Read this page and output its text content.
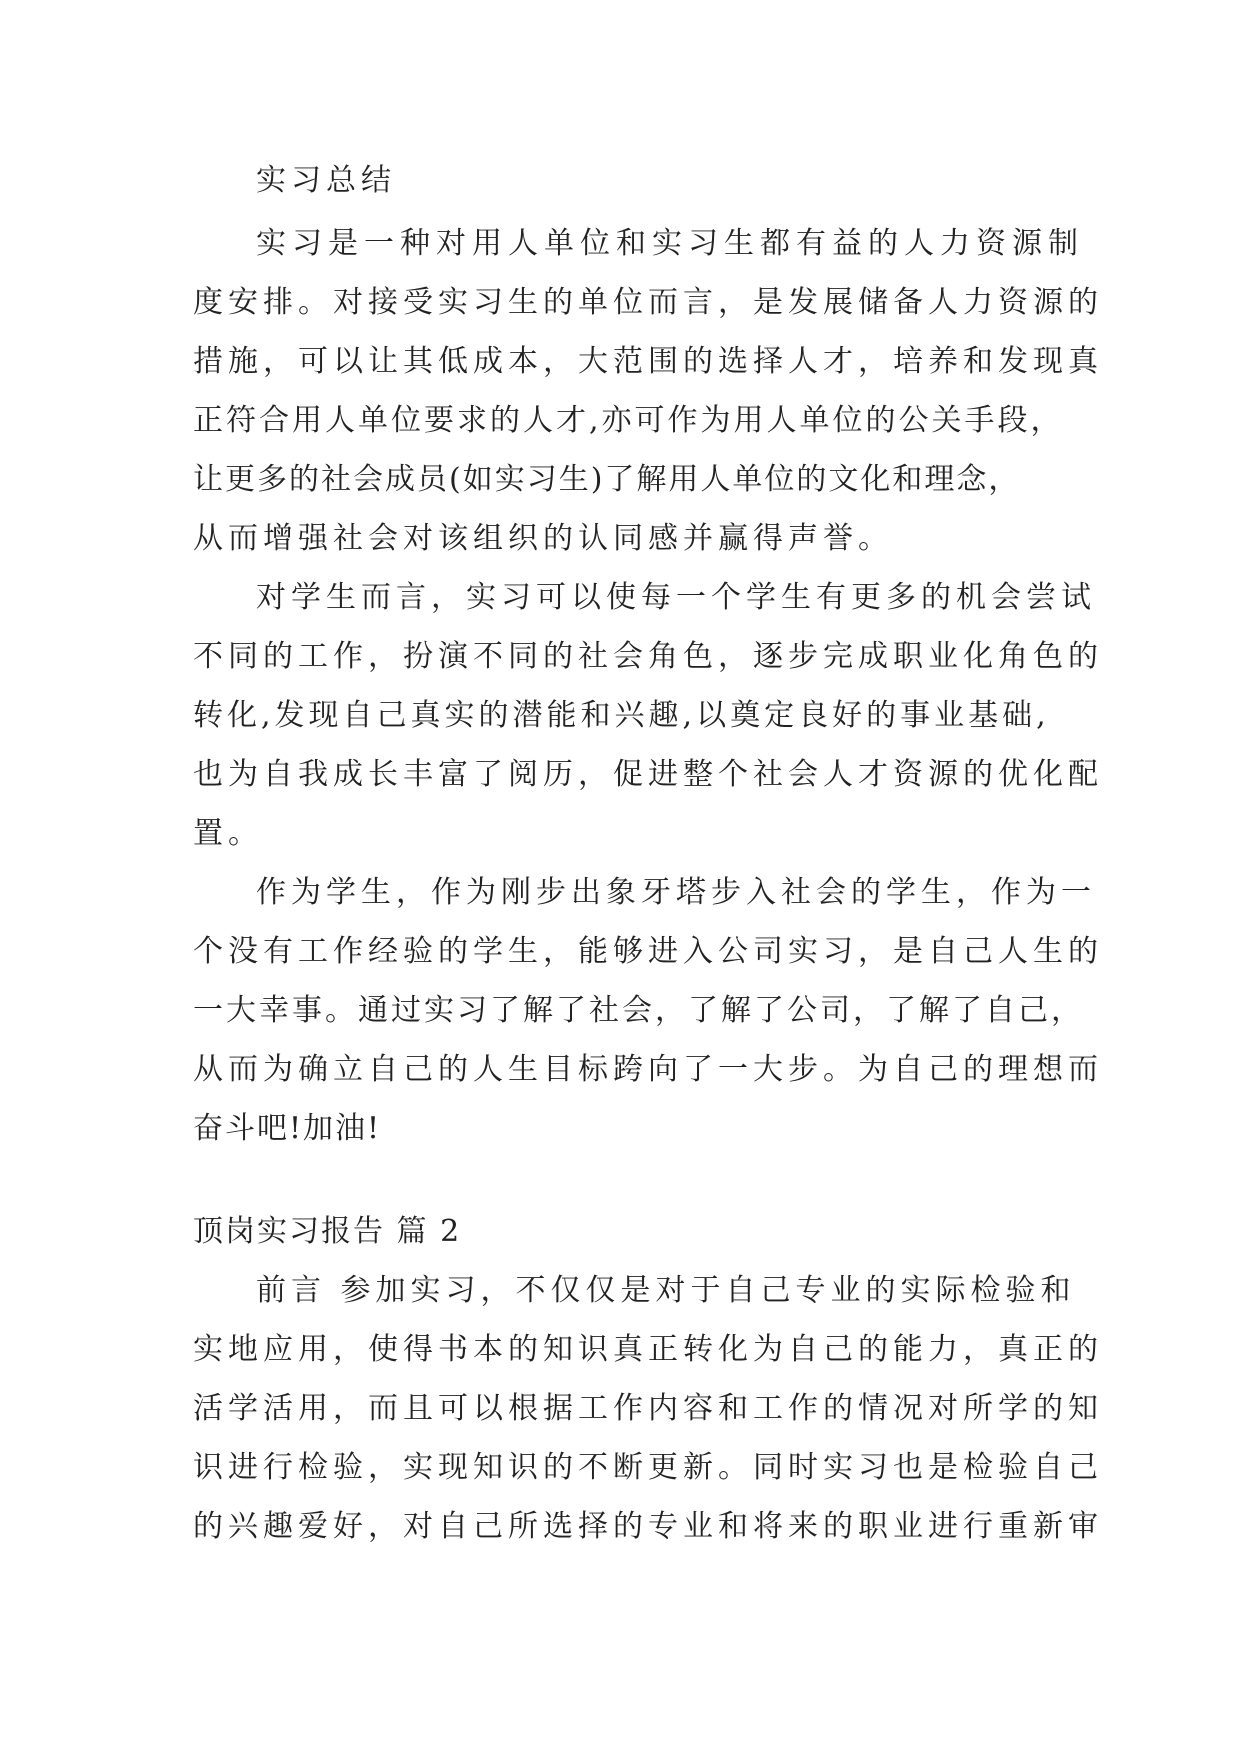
实习总结
实习是一种对用人单位和实习生都有益的人力资源制
度安排。对接受实习生的单位而言，是发展储备人力资源的
措施，可以让其低成本，大范围的选择人才，培养和发现真
正符合用人单位要求的人才,亦可作为用人单位的公关手段，
让更多的社会成员(如实习生)了解用人单位的文化和理念，
从而增强社会对该组织的认同感并赢得声誉。
对学生而言，实习可以使每一个学生有更多的机会尝试
不同的工作，扮演不同的社会角色，逐步完成职业化角色的
转化,发现自己真实的潜能和兴趣,以奠定良好的事业基础,
也为自我成长丰富了阅历，促进整个社会人才资源的优化配
置。
作为学生，作为刚步出象牙塔步入社会的学生，作为一
个没有工作经验的学生，能够进入公司实习，是自己人生的
一大幸事。通过实习了解了社会，了解了公司，了解了自己，
从而为确立自己的人生目标跨向了一大步。为自己的理想而
奋斗吧!加油!
顶岗实习报告 篇 2
前言 参加实习，不仅仅是对于自己专业的实际检验和
实地应用，使得书本的知识真正转化为自己的能力，真正的
活学活用，而且可以根据工作内容和工作的情况对所学的知
识进行检验，实现知识的不断更新。同时实习也是检验自己
的兴趣爱好，对自己所选择的专业和将来的职业进行重新审
